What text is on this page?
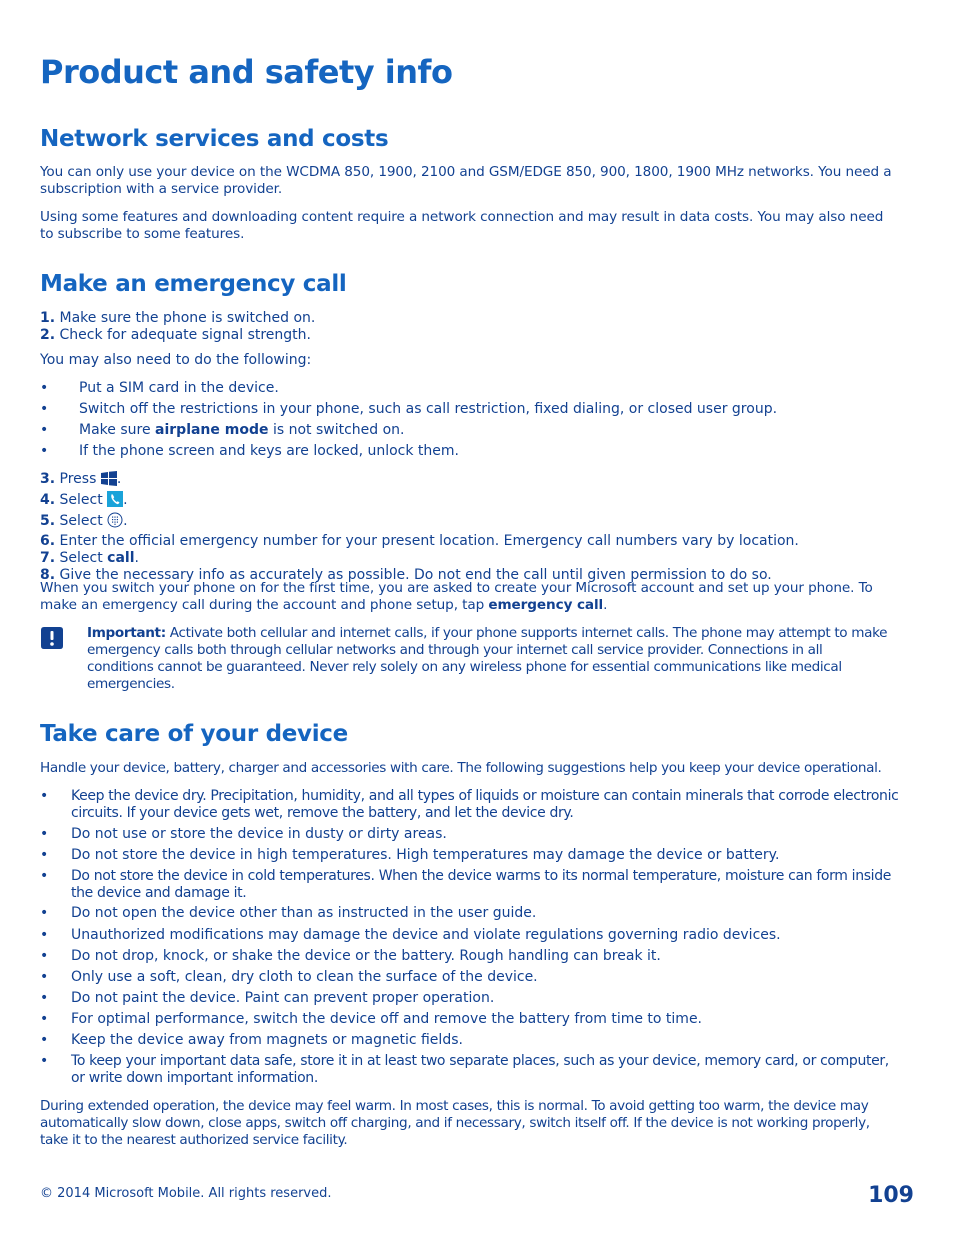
Product and safety info
Network services and costs
You can only use your device on the WCDMA 850, 1900, 2100 and GSM/EDGE 850, 900, 1800, 1900 MHz networks. You need a
subscription with a service provider.
Using some features and downloading content require a network connection and may result in data costs. You may also need
to subscribe to some features.
Make an emergency call
1. Make sure the phone is switched on.
2. Check for adequate signal strength.
You may also need to do the following:
• Put a SIM card in the device.
• Switch off the restrictions in your phone, such as call restriction, fixed dialing, or closed user group.
• Make sure airplane mode is not switched on.
• If the phone screen and keys are locked, unlock them.
3. Press .
4. Select .
5. Select .
6. Enter the official emergency number for your present location. Emergency call numbers vary by location.
7. Select call.
8. Give the necessary info as accurately as possible. Do not end the call until given permission to do so.
When you switch your phone on for the first time, you are asked to create your Microsoft account and set up your phone. To
make an emergency call during the account and phone setup, tap emergency call.
Important: Activate both cellular and internet calls, if your phone supports internet calls. The phone may attempt to make
emergency calls both through cellular networks and through your internet call service provider. Connections in all
conditions cannot be guaranteed. Never rely solely on any wireless phone for essential communications like medical
emergencies.
Take care of your device
Handle your device, battery, charger and accessories with care. The following suggestions help you keep your device operational.
• Keep the device dry. Precipitation, humidity, and all types of liquids or moisture can contain minerals that corrode electronic
circuits. If your device gets wet, remove the battery, and let the device dry.
• Do not use or store the device in dusty or dirty areas.
• Do not store the device in high temperatures. High temperatures may damage the device or battery.
• Do not store the device in cold temperatures. When the device warms to its normal temperature, moisture can form inside
the device and damage it.
• Do not open the device other than as instructed in the user guide.
• Unauthorized modifications may damage the device and violate regulations governing radio devices.
• Do not drop, knock, or shake the device or the battery. Rough handling can break it.
• Only use a soft, clean, dry cloth to clean the surface of the device.
• Do not paint the device. Paint can prevent proper operation.
• For optimal performance, switch the device off and remove the battery from time to time.
• Keep the device away from magnets or magnetic fields.
• To keep your important data safe, store it in at least two separate places, such as your device, memory card, or computer,
or write down important information.
During extended operation, the device may feel warm. In most cases, this is normal. To avoid getting too warm, the device may
automatically slow down, close apps, switch off charging, and if necessary, switch itself off. If the device is not working properly,
take it to the nearest authorized service facility.
© 2014 Microsoft Mobile. All rights reserved.	109
